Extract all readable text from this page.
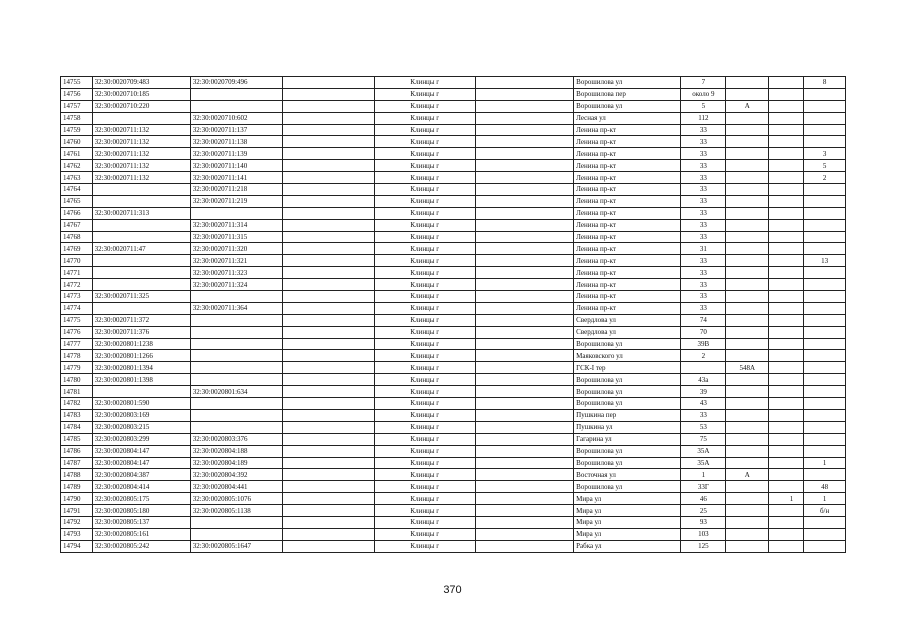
14755	32:30:0020709:483	32:30:0020709:496		Клинцы г		Ворошилова ул	7			8
14756	32:30:0020710:185			Клинцы г		Ворошилова пер	около 9			
14757	32:30:0020710:220			Клинцы г		Ворошилова ул	5	А		
14758		32:30:0020710:602		Клинцы г		Лесная ул	112			
14759	32:30:0020711:132	32:30:0020711:137		Клинцы г		Ленина пр-кт	33			
14760	32:30:0020711:132	32:30:0020711:138		Клинцы г		Ленина пр-кт	33			
14761	32:30:0020711:132	32:30:0020711:139		Клинцы г		Ленина пр-кт	33			3
14762	32:30:0020711:132	32:30:0020711:140		Клинцы г		Ленина пр-кт	33			5
14763	32:30:0020711:132	32:30:0020711:141		Клинцы г		Ленина пр-кт	33			2
14764		32:30:0020711:218		Клинцы г		Ленина пр-кт	33			
14765		32:30:0020711:219		Клинцы г		Ленина пр-кт	33			
14766	32:30:0020711:313			Клинцы г		Ленина пр-кт	33			
14767		32:30:0020711:314		Клинцы г		Ленина пр-кт	33			
14768		32:30:0020711:315		Клинцы г		Ленина пр-кт	33			
14769	32:30:0020711:47	32:30:0020711:320		Клинцы г		Ленина пр-кт	31			
14770		32:30:0020711:321		Клинцы г		Ленина пр-кт	33			13
14771		32:30:0020711:323		Клинцы г		Ленина пр-кт	33			
14772		32:30:0020711:324		Клинцы г		Ленина пр-кт	33			
14773	32:30:0020711:325			Клинцы г		Ленина пр-кт	33			
14774		32:30:0020711:364		Клинцы г		Ленина пр-кт	33			
14775	32:30:0020711:372			Клинцы г		Свердлова ул	74			
14776	32:30:0020711:376			Клинцы г		Свердлова ул	70			
14777	32:30:0020801:1238			Клинцы г		Ворошилова ул	39В			
14778	32:30:0020801:1266			Клинцы г		Маяковского ул	2			
14779	32:30:0020801:1394			Клинцы г		ГСК-I тер		548А		
14780	32:30:0020801:1398			Клинцы г		Ворошилова ул	43а			
14781		32:30:0020801:634		Клинцы г		Ворошилова ул	39			
14782	32:30:0020801:590			Клинцы г		Ворошилова ул	43			
14783	32:30:0020803:169			Клинцы г		Пушкина пер	33			
14784	32:30:0020803:215			Клинцы г		Пушкина ул	53			
14785	32:30:0020803:299	32:30:0020803:376		Клинцы г		Гагарина ул	75			
14786	32:30:0020804:147	32:30:0020804:188		Клинцы г		Ворошилова ул	35А			
14787	32:30:0020804:147	32:30:0020804:189		Клинцы г		Ворошилова ул	35А			1
14788	32:30:0020804:387	32:30:0020804:392		Клинцы г		Восточная ул	1	А		
14789	32:30:0020804:414	32:30:0020804:441		Клинцы г		Ворошилова ул	33Г			48
14790	32:30:0020805:175	32:30:0020805:1076		Клинцы г		Мира ул	46		1	1
14791	32:30:0020805:180	32:30:0020805:1138		Клинцы г		Мира ул	25			б/н
14792	32:30:0020805:137			Клинцы г		Мира ул	93			
14793	32:30:0020805:161			Клинцы г		Мира ул	103			
14794	32:30:0020805:242	32:30:0020805:1647		Клинцы г		Рабка ул	125			
370
